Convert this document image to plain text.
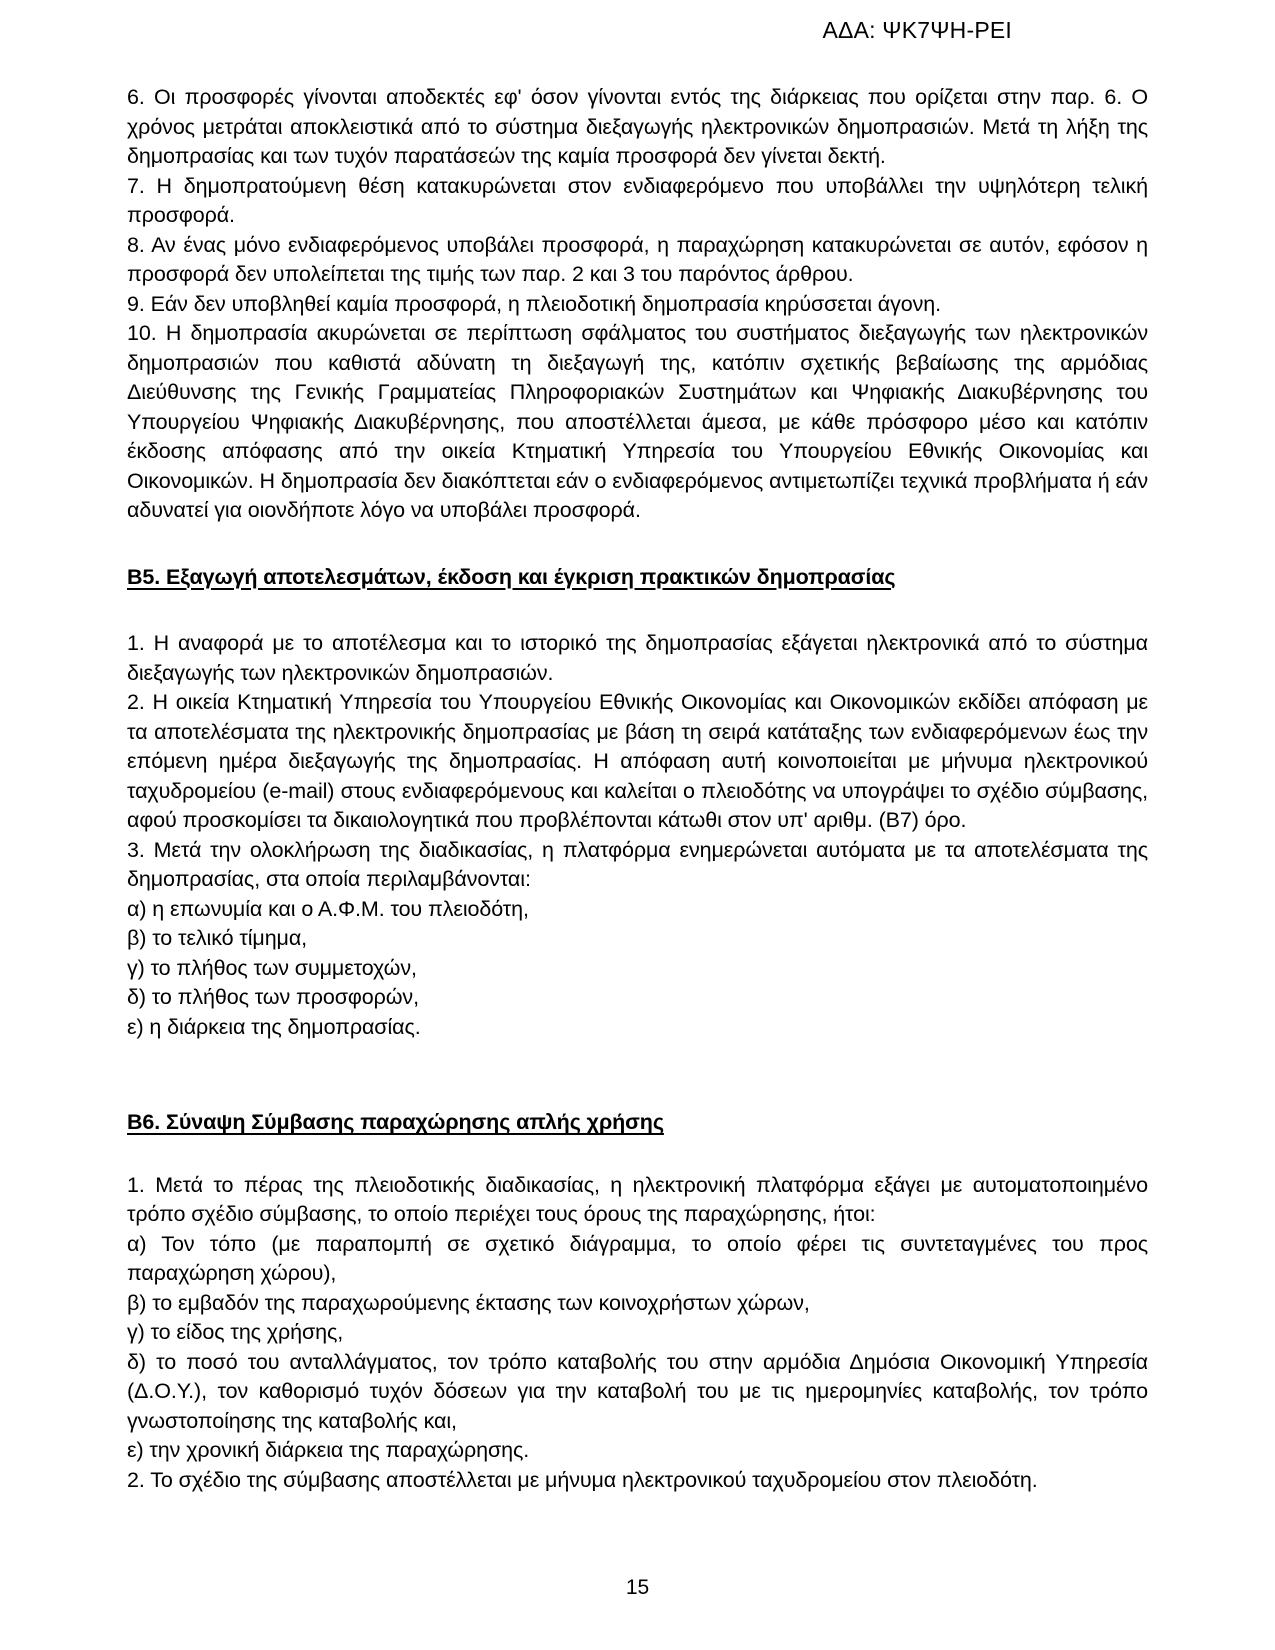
ΑΔΑ: ΨΚ7ΨΗ-ΡΕΙ

6. Οι προσφορές γίνονται αποδεκτές εφ' όσον γίνονται εντός της διάρκειας που ορίζεται στην παρ. 6. Ο χρόνος μετράται αποκλειστικά από το σύστημα διεξαγωγής ηλεκτρονικών δημοπρασιών. Μετά τη λήξη της δημοπρασίας και των τυχόν παρατάσεών της καμία προσφορά δεν γίνεται δεκτή.

7. Η δημοπρατούμενη θέση κατακυρώνεται στον ενδιαφερόμενο που υποβάλλει την υψηλότερη τελική προσφορά.

8. Αν ένας μόνο ενδιαφερόμενος υποβάλει προσφορά, η παραχώρηση κατακυρώνεται σε αυτόν, εφόσον η προσφορά δεν υπολείπεται της τιμής των παρ. 2 και 3 του παρόντος άρθρου.

9. Εάν δεν υποβληθεί καμία προσφορά, η πλειοδοτική δημοπρασία κηρύσσεται άγονη.

10. Η δημοπρασία ακυρώνεται σε περίπτωση σφάλματος του συστήματος διεξαγωγής των ηλεκτρονικών δημοπρασιών που καθιστά αδύνατη τη διεξαγωγή της, κατόπιν σχετικής βεβαίωσης της αρμόδιας Διεύθυνσης της Γενικής Γραμματείας Πληροφοριακών Συστημάτων και Ψηφιακής Διακυβέρνησης του Υπουργείου Ψηφιακής Διακυβέρνησης, που αποστέλλεται άμεσα, με κάθε πρόσφορο μέσο και κατόπιν έκδοσης απόφασης από την οικεία Κτηματική Υπηρεσία του Υπουργείου Εθνικής Οικονομίας και Οικονομικών. Η δημοπρασία δεν διακόπτεται εάν ο ενδιαφερόμενος αντιμετωπίζει τεχνικά προβλήματα ή εάν αδυνατεί για οιονδήποτε λόγο να υποβάλει προσφορά.

Β5. Εξαγωγή αποτελεσμάτων, έκδοση και έγκριση πρακτικών δημοπρασίας

1. Η αναφορά με το αποτέλεσμα και το ιστορικό της δημοπρασίας εξάγεται ηλεκτρονικά από το σύστημα διεξαγωγής των ηλεκτρονικών δημοπρασιών.

2. Η οικεία Κτηματική Υπηρεσία του Υπουργείου Εθνικής Οικονομίας και Οικονομικών εκδίδει απόφαση με τα αποτελέσματα της ηλεκτρονικής δημοπρασίας με βάση τη σειρά κατάταξης των ενδιαφερόμενων έως την επόμενη ημέρα διεξαγωγής της δημοπρασίας. Η απόφαση αυτή κοινοποιείται με μήνυμα ηλεκτρονικού ταχυδρομείου (e-mail) στους ενδιαφερόμενους και καλείται ο πλειοδότης να υπογράψει το σχέδιο σύμβασης, αφού προσκομίσει τα δικαιολογητικά που προβλέπονται κάτωθι στον υπ' αριθμ. (Β7) όρο.

3. Μετά την ολοκλήρωση της διαδικασίας, η πλατφόρμα ενημερώνεται αυτόματα με τα αποτελέσματα της δημοπρασίας, στα οποία περιλαμβάνονται:

α) η επωνυμία και ο Α.Φ.Μ. του πλειοδότη,

β) το τελικό τίμημα,

γ) το πλήθος των συμμετοχών,

δ) το πλήθος των προσφορών,

ε) η διάρκεια της δημοπρασίας.

Β6. Σύναψη Σύμβασης παραχώρησης απλής χρήσης

1. Μετά το πέρας της πλειοδοτικής διαδικασίας, η ηλεκτρονική πλατφόρμα εξάγει με αυτοματοποιημένο τρόπο σχέδιο σύμβασης, το οποίο περιέχει τους όρους της παραχώρησης, ήτοι:

α) Τον τόπο (με παραπομπή σε σχετικό διάγραμμα, το οποίο φέρει τις συντεταγμένες του προς παραχώρηση χώρου),

β) το εμβαδόν της παραχωρούμενης έκτασης των κοινοχρήστων χώρων,

γ) το είδος της χρήσης,

δ) το ποσό του ανταλλάγματος, τον τρόπο καταβολής του στην αρμόδια Δημόσια Οικονομική Υπηρεσία (Δ.Ο.Υ.), τον καθορισμό τυχόν δόσεων για την καταβολή του με τις ημερομηνίες καταβολής, τον τρόπο γνωστοποίησης της καταβολής και,

ε) την χρονική διάρκεια της παραχώρησης.

2. Το σχέδιο της σύμβασης αποστέλλεται με μήνυμα ηλεκτρονικού ταχυδρομείου στον πλειοδότη.

15
